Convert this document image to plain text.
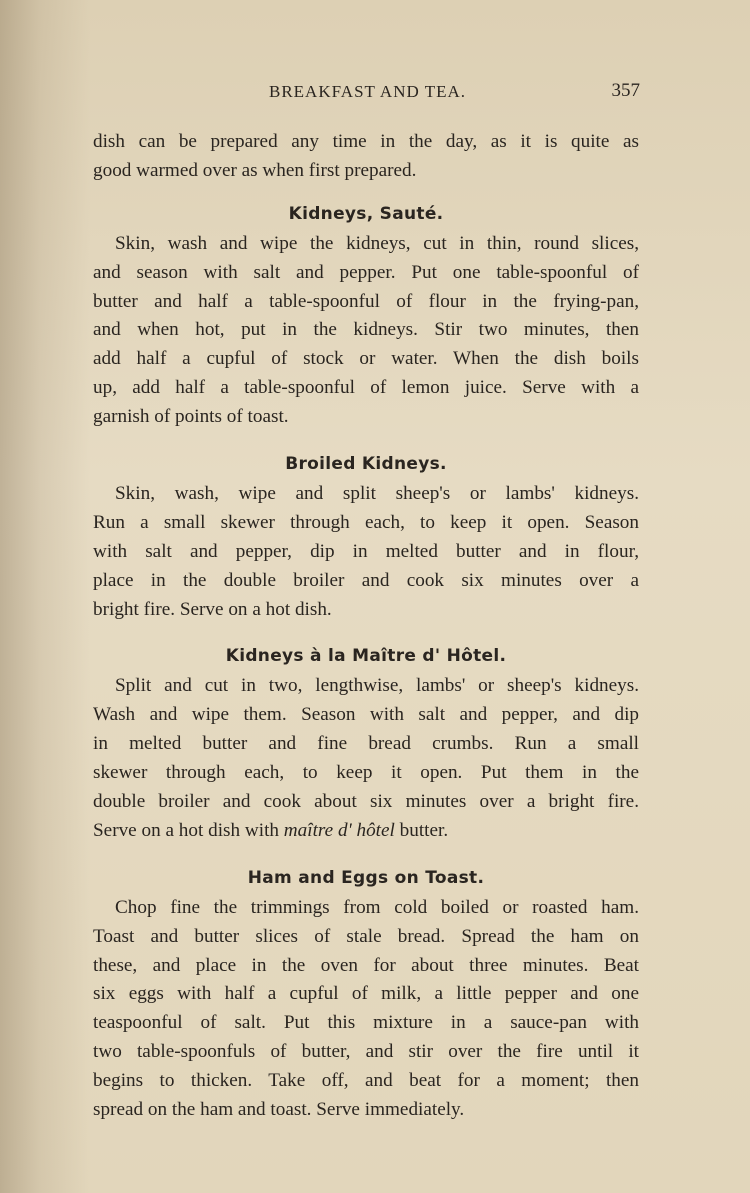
BREAKFAST AND TEA.	357

dish can be prepared any time in the day, as it is quite as
good warmed over as when first prepared.

Kidneys, Sauté.

Skin, wash and wipe the kidneys, cut in thin, round slices,
and season with salt and pepper. Put one table-spoonful of
butter and half a table-spoonful of flour in the frying-pan,
and when hot, put in the kidneys. Stir two minutes, then
add half a cupful of stock or water. When the dish boils
up, add half a table-spoonful of lemon juice. Serve with a
garnish of points of toast.

Broiled Kidneys.

Skin, wash, wipe and split sheep's or lambs' kidneys.
Run a small skewer through each, to keep it open. Season
with salt and pepper, dip in melted butter and in flour,
place in the double broiler and cook six minutes over a
bright fire. Serve on a hot dish.

Kidneys à la Maître d' Hôtel.

Split and cut in two, lengthwise, lambs' or sheep's kidneys.
Wash and wipe them. Season with salt and pepper, and dip
in melted butter and fine bread crumbs. Run a small
skewer through each, to keep it open. Put them in the
double broiler and cook about six minutes over a bright fire.
Serve on a hot dish with maître d' hôtel butter.

Ham and Eggs on Toast.

Chop fine the trimmings from cold boiled or roasted ham.
Toast and butter slices of stale bread. Spread the ham on
these, and place in the oven for about three minutes. Beat
six eggs with half a cupful of milk, a little pepper and one
teaspoonful of salt. Put this mixture in a sauce-pan with
two table-spoonfuls of butter, and stir over the fire until it
begins to thicken. Take off, and beat for a moment; then
spread on the ham and toast. Serve immediately.
